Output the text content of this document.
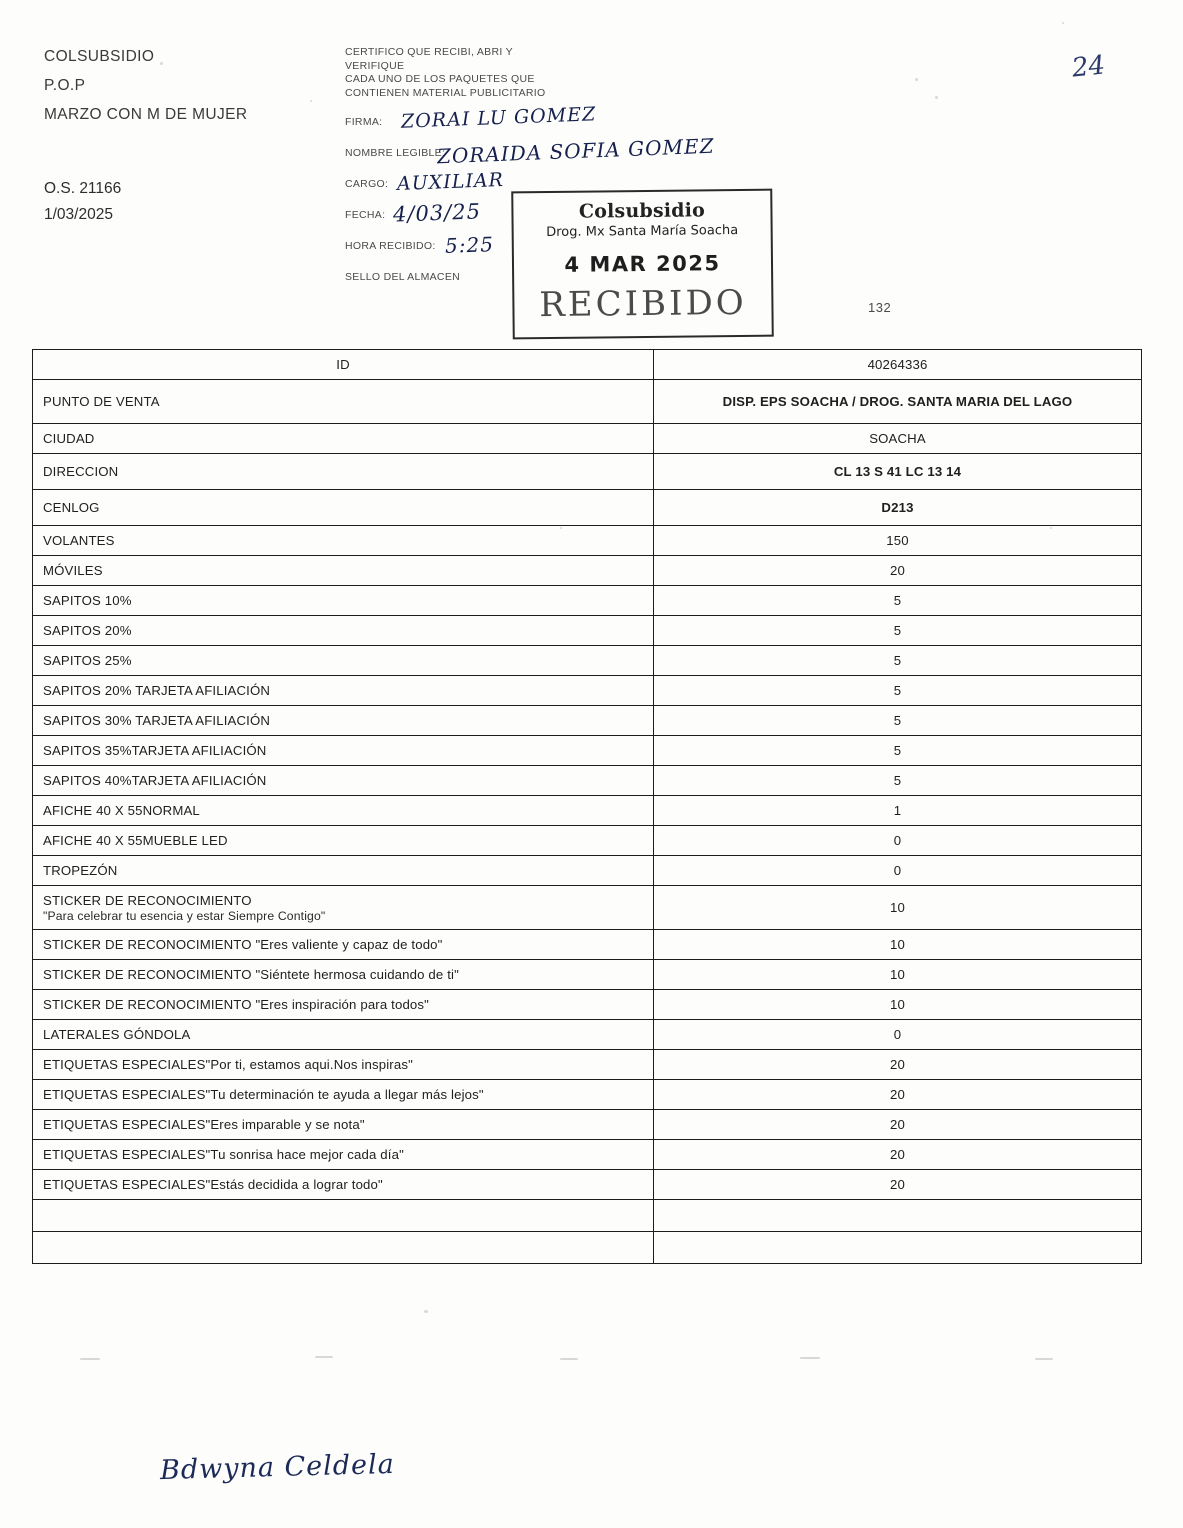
COLSUBSIDIO
P.O.P
MARZO CON M DE MUJER
O.S. 21166
1/03/2025
CERTIFICO QUE RECIBI, ABRI Y
VERIFIQUE
CADA UNO DE LOS PAQUETES QUE
CONTIENEN MATERIAL PUBLICITARIO
FIRMA: ZORAI LU GOMEZ
NOMBRE LEGIBLE:
ZORAIDA SOFIA GOMEZ
CARGO: AUXILIAR
FECHA: 4/03/25
HORA RECIBIDO: 5:25
SELLO DEL ALMACEN
Colsubsidio
Drog. Mx Santa María Soacha
4 MAR 2025
RECIBIDO
24
132
ID	40264336
PUNTO DE VENTA	DISP. EPS SOACHA / DROG. SANTA MARIA DEL LAGO
CIUDAD	SOACHA
DIRECCION	CL 13 S 41 LC 13 14
CENLOG	D213
VOLANTES	150
MÓVILES	20
SAPITOS 10%	5
SAPITOS 20%	5
SAPITOS 25%	5
SAPITOS 20% TARJETA AFILIACIÓN	5
SAPITOS 30% TARJETA AFILIACIÓN	5
SAPITOS 35%TARJETA AFILIACIÓN	5
SAPITOS 40%TARJETA AFILIACIÓN	5
AFICHE 40 X 55NORMAL	1
AFICHE 40 X 55MUEBLE LED	0
TROPEZÓN	0
STICKER DE RECONOCIMIENTO
"Para celebrar tu esencia y estar Siempre Contigo"	10
STICKER DE RECONOCIMIENTO "Eres valiente y capaz de todo"	10
STICKER DE RECONOCIMIENTO "Siéntete hermosa cuidando de ti"	10
STICKER DE RECONOCIMIENTO "Eres inspiración para todos"	10
LATERALES GÓNDOLA	0
ETIQUETAS ESPECIALES"Por ti, estamos aqui.Nos inspiras"	20
ETIQUETAS ESPECIALES"Tu determinación te ayuda a llegar más lejos"	20
ETIQUETAS ESPECIALES"Eres imparable y se nota"	20
ETIQUETAS ESPECIALES"Tu sonrisa hace mejor cada día"	20
ETIQUETAS ESPECIALES"Estás decidida a lograr todo"	20

Bdwyna Celdela
